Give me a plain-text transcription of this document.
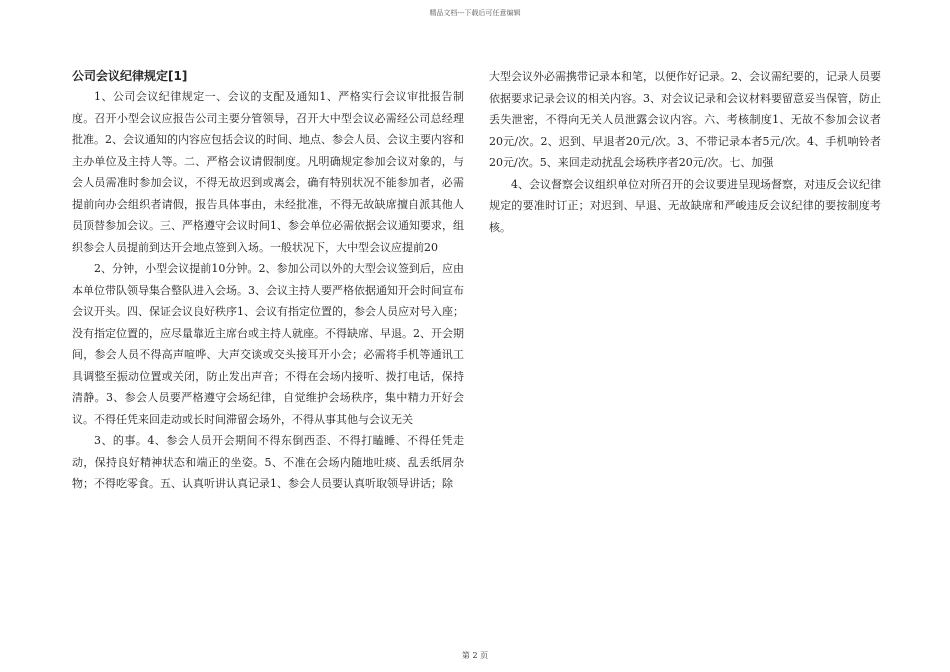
精品文档---下载后可任意编辑

公司会议纪律规定[1]

1、公司会议纪律规定一、会议的支配及通知1、严格实行会议审批报告制度。召开小型会议应报告公司主要分管领导，召开大中型会议必需经公司总经理批准。2、会议通知的内容应包括会议的时间、地点、参会人员、会议主要内容和主办单位及主持人等。二、严格会议请假制度。凡明确规定参加会议对象的，与会人员需准时参加会议，不得无故迟到或离会，确有特别状况不能参加者，必需提前向办会组织者请假，报告具体事由，未经批准，不得无故缺席擅自派其他人员顶替参加会议。三、严格遵守会议时间1、参会单位必需依据会议通知要求，组织参会人员提前到达开会地点签到入场。一般状况下，大中型会议应提前20

2、分钟，小型会议提前10分钟。2、参加公司以外的大型会议签到后，应由本单位带队领导集合整队进入会场。3、会议主持人要严格依据通知开会时间宣布会议开头。四、保证会议良好秩序1、会议有指定位置的，参会人员应对号入座；没有指定位置的，应尽量靠近主席台或主持人就座。不得缺席、早退。2、开会期间，参会人员不得高声喧哗、大声交谈或交头接耳开小会；必需将手机等通讯工具调整至振动位置或关闭，防止发出声音；不得在会场内接听、拨打电话，保持清静。3、参会人员要严格遵守会场纪律，自觉维护会场秩序，集中精力开好会议。不得任凭来回走动或长时间滞留会场外，不得从事其他与会议无关

3、的事。4、参会人员开会期间不得东倒西歪、不得打瞌睡、不得任凭走动，保持良好精神状态和端正的坐姿。5、不准在会场内随地吐痰、乱丢纸屑杂物；不得吃零食。五、认真听讲认真记录1、参会人员要认真听取领导讲话；除

大型会议外必需携带记录本和笔，以便作好记录。2、会议需纪要的，记录人员要依据要求记录会议的相关内容。3、对会议记录和会议材料要留意妥当保管，防止丢失泄密，不得向无关人员泄露会议内容。六、考核制度1、无故不参加会议者20元/次。2、迟到、早退者20元/次。3、不带记录本者5元/次。4、手机响铃者20元/次。5、来回走动扰乱会场秩序者20元/次。七、加强

4、会议督察会议组织单位对所召开的会议要进呈现场督察，对违反会议纪律规定的要准时订正；对迟到、早退、无故缺席和严峻违反会议纪律的要按制度考核。

第 2 页
